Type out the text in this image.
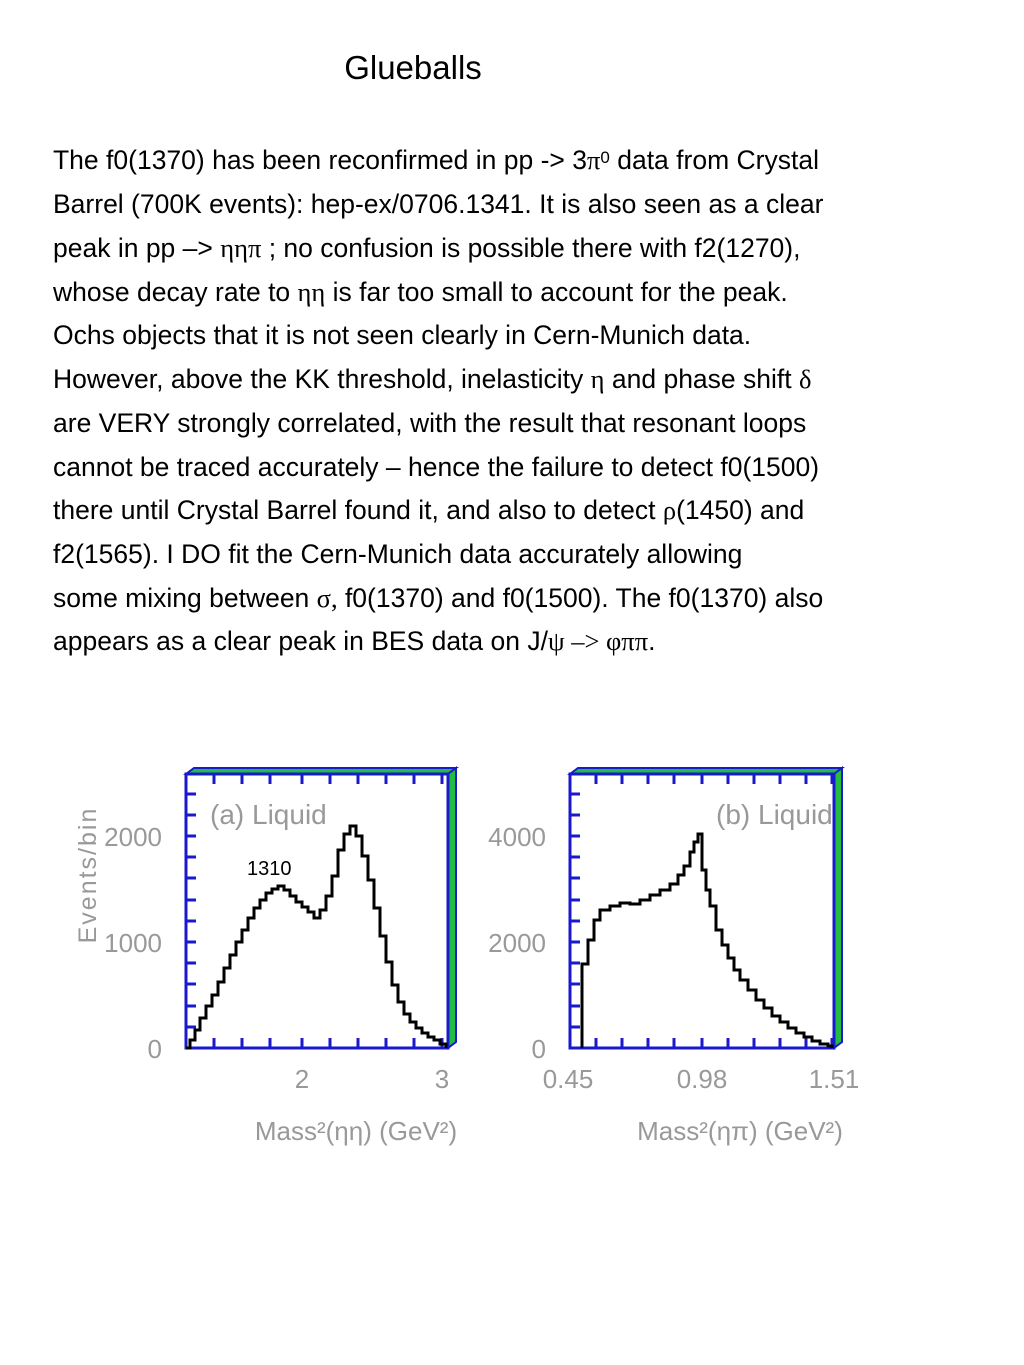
Glueballs
The f0(1370) has been reconfirmed in pp -> $3\pi^0$ data from Crystal
Barrel (700K events): hep-ex/0706.1341. It is also seen as a clear
peak in pp –> ηηπ ; no confusion is possible there with f2(1270),
whose decay rate to ηη is far too small to account for the peak.
Ochs objects that it is not seen clearly in Cern-Munich data.
However, above the KK threshold, inelasticity η and phase shift δ
are VERY strongly correlated, with the result that resonant loops
cannot be traced accurately – hence the failure to detect f0(1500)
there until Crystal Barrel found it, and also to detect ρ(1450) and
f2(1565). I DO fit the Cern-Munich data accurately allowing
some mixing between σ, f0(1370) and f0(1500). The f0(1370) also
appears as a clear peak in BES data on J/ψ –> φππ.
Events/bin	(a) Liquid
1310
2000
1000
0
2	3
Mass²(ηη) (GeV²)
(b) Liquid
4000
2000
0
0.45	0.98	1.51
Mass²(ηπ) (GeV²)
